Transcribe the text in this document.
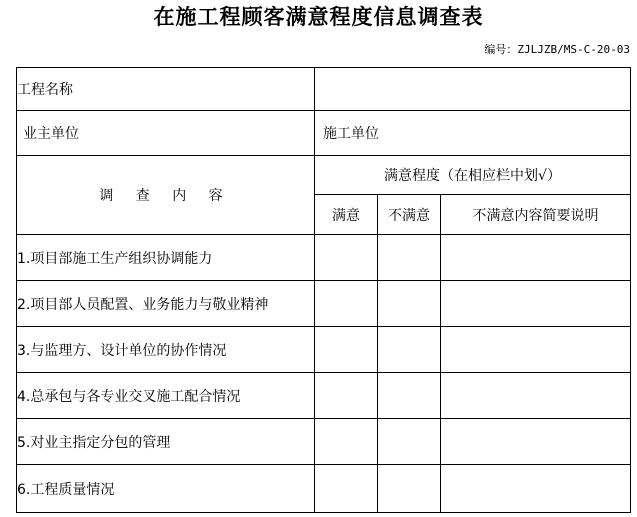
在施工程顾客满意程度信息调查表
编号：ZJLJZB/MS-C-20-03
工程名称			

业主单位	施工单位		

调 查 内 容	满意程度（在相应栏中划√）		
	满意	不满意	不满意内容简要说明
1.项目部施工生产组织协调能力			
2.项目部人员配置、业务能力与敬业精神			
3.与监理方、设计单位的协作情况			
4.总承包与各专业交叉施工配合情况			
5.对业主指定分包的管理			
6.工程质量情况			
